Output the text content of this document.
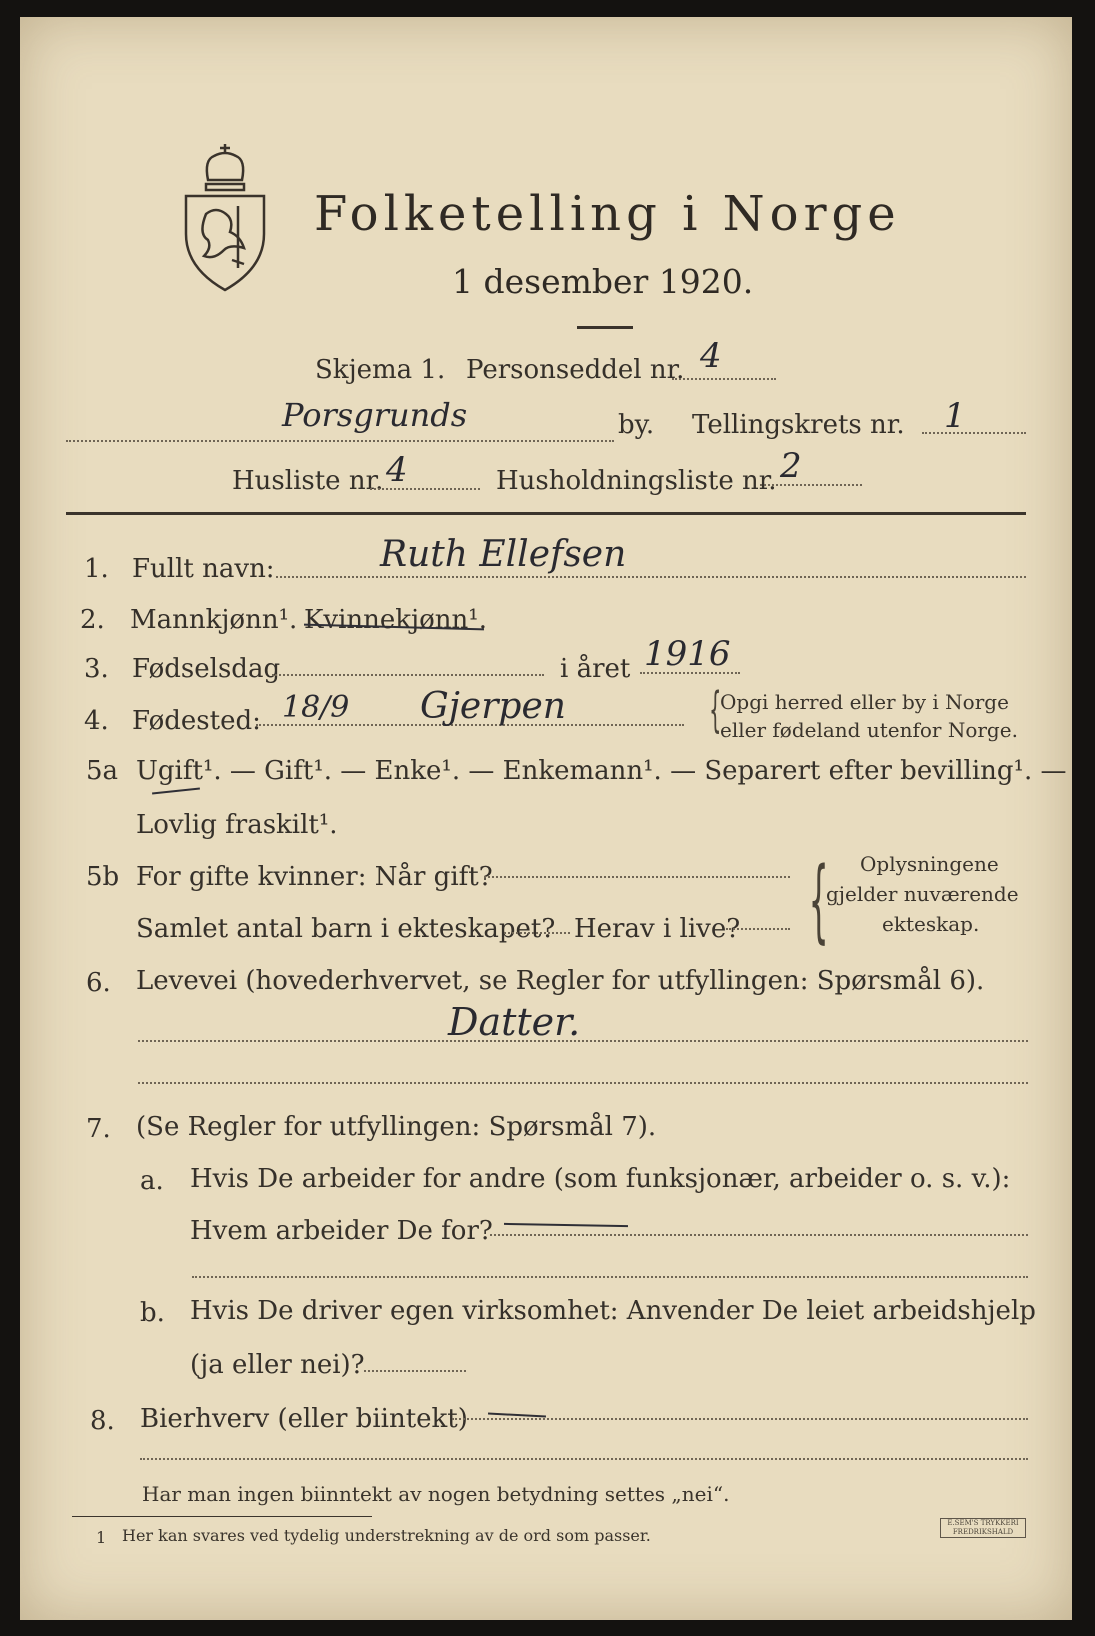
Folketelling i Norge
1 desember 1920.
Skjema 1. Personseddel nr. 4
Porsgrunds	by. Tellingskrets nr. 1
Husliste nr. 4	Husholdningsliste nr. 2
1. Fullt navn:	Ruth Ellefsen
2. Mannkjønn¹. Kvinnekjønn¹.
3. Fødselsdag	i året 1916
4. Fødested: 18/9 Gjerpen	{
Opgi herred eller by i Norge
eller fødeland utenfor Norge.
5a Ugift¹. — Gift¹. — Enke¹. — Enkemann¹. — Separert efter bevilling¹. —
Lovlig fraskilt¹.
5b For gifte kvinner: Når gift?
Samlet antal barn i ekteskapet? Herav i live? { Oplysningene
gjelder nuværende
ekteskap.
6. Levevei (hovederhvervet, se Regler for utfyllingen: Spørsmål 6).
Datter.
7. (Se Regler for utfyllingen: Spørsmål 7).
a. Hvis De arbeider for andre (som funksjonær, arbeider o. s. v.):
Hvem arbeider De for?
b. Hvis De driver egen virksomhet: Anvender De leiet arbeidshjelp
(ja eller nei)?
8. Bierhverv (eller biintekt)
Har man ingen biinntekt av nogen betydning settes „nei“.
1 Her kan svares ved tydelig understrekning av de ord som passer.
E.SEM'S TRYKKERI FREDRIKSHALD
